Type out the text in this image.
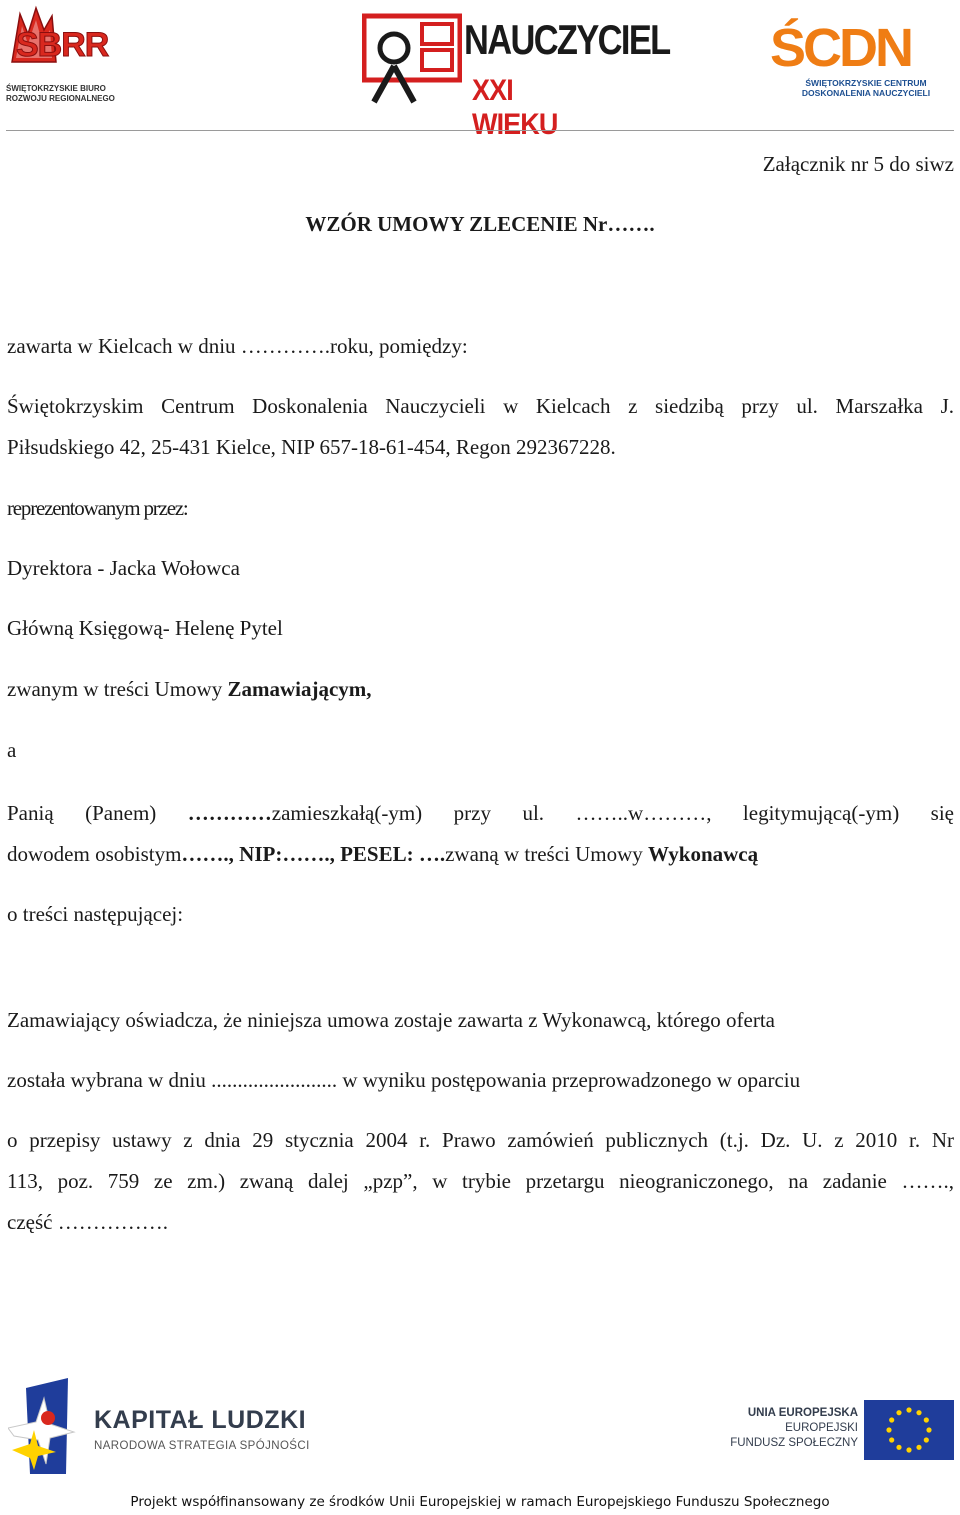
SBRR
ŚWIĘTOKRZYSKIE BIURO
ROZWOJU REGIONALNEGO
NAUCZYCIEL
XXI WIEKU
ŚCDN
ŚWIĘTOKRZYSKIE CENTRUM
DOSKONALENIA NAUCZYCIELI
Załącznik nr 5 do siwz
WZÓR UMOWY ZLECENIE Nr…….
zawarta w Kielcach w dniu ………….roku, pomiędzy:
Świętokrzyskim Centrum Doskonalenia Nauczycieli w Kielcach z siedzibą przy ul. Marszałka J.
Piłsudskiego 42, 25-431 Kielce, NIP 657-18-61-454, Regon 292367228.
reprezentowanym przez:
Dyrektora - Jacka Wołowca
Główną Księgową- Helenę Pytel
zwanym w treści Umowy Zamawiającym,
a
Panią (Panem) …………zamieszkałą(-ym) przy ul. ……..w………, legitymującą(-ym) się
dowodem osobistym……., NIP:……., PESEL: ….zwaną w treści Umowy Wykonawcą
o treści następującej:
Zamawiający oświadcza, że niniejsza umowa zostaje zawarta z Wykonawcą, którego oferta
została wybrana w dniu ........................ w wyniku postępowania przeprowadzonego w oparciu
o przepisy ustawy z dnia 29 stycznia 2004 r. Prawo zamówień publicznych (t.j. Dz. U. z 2010 r. Nr
113, poz. 759 ze zm.) zwaną dalej „pzp”, w trybie przetargu nieograniczonego, na zadanie …….,
część …………….
KAPITAŁ LUDZKI
NARODOWA STRATEGIA SPÓJNOŚCI
UNIA EUROPEJSKA
EUROPEJSKI
FUNDUSZ SPOŁECZNY
Projekt współfinansowany ze środków Unii Europejskiej w ramach Europejskiego Funduszu Społecznego
